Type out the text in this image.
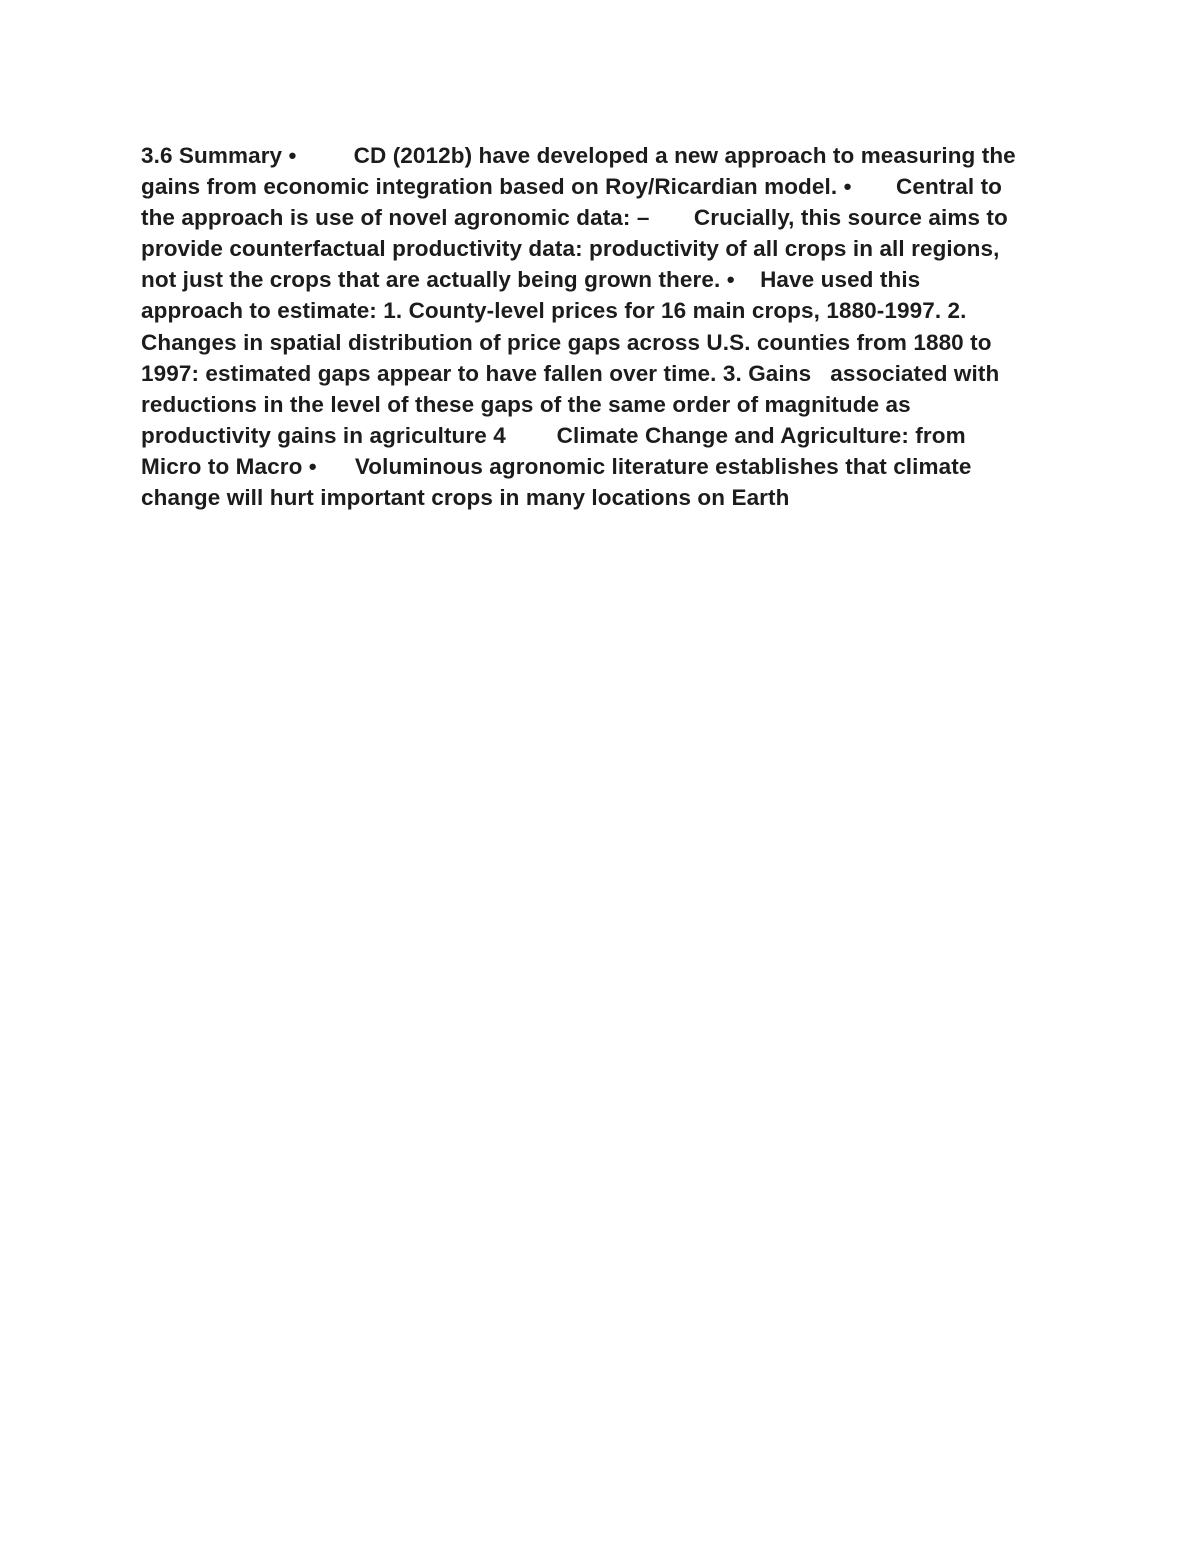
3.6 Summary •         CD (2012b) have developed a new approach to measuring the
gains from economic integration based on Roy/Ricardian model. •       Central to
the approach is use of novel agronomic data: –       Crucially, this source aims to
provide counterfactual productivity data: productivity of all crops in all regions,
not just the crops that are actually being grown there. •    Have used this
approach to estimate: 1. County-level prices for 16 main crops, 1880-1997. 2.
Changes in spatial distribution of price gaps across U.S. counties from 1880 to
1997: estimated gaps appear to have fallen over time. 3. Gains   associated with
reductions in the level of these gaps of the same order of magnitude as
productivity gains in agriculture 4        Climate Change and Agriculture: from
Micro to Macro •      Voluminous agronomic literature establishes that climate
change will hurt important crops in many locations on Earth
